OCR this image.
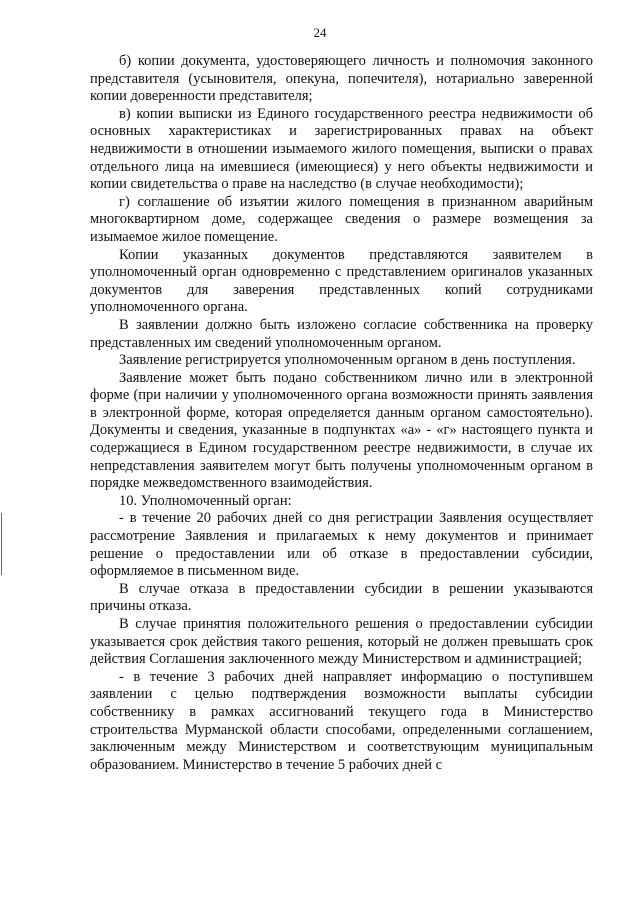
24

б) копии документа, удостоверяющего личность и полномочия законного представителя (усыновителя, опекуна, попечителя), нотариально заверенной копии доверенности представителя;

в) копии выписки из Единого государственного реестра недвижимости об основных характеристиках и зарегистрированных правах на объект недвижимости в отношении изымаемого жилого помещения, выписки о правах отдельного лица на имевшиеся (имеющиеся) у него объекты недвижимости и копии свидетельства о праве на наследство (в случае необходимости);

г) соглашение об изъятии жилого помещения в признанном аварийным многоквартирном доме, содержащее сведения о размере возмещения за изымаемое жилое помещение.

Копии указанных документов представляются заявителем в уполномоченный орган одновременно с представлением оригиналов указанных документов для заверения представленных копий сотрудниками уполномоченного органа.

В заявлении должно быть изложено согласие собственника на проверку представленных им сведений уполномоченным органом.

Заявление регистрируется уполномоченным органом в день поступления.

Заявление может быть подано собственником лично или в электронной форме (при наличии у уполномоченного органа возможности принять заявления в электронной форме, которая определяется данным органом самостоятельно). Документы и сведения, указанные в подпунктах «а» - «г» настоящего пункта и содержащиеся в Едином государственном реестре недвижимости, в случае их непредставления заявителем могут быть получены уполномоченным органом в порядке межведомственного взаимодействия.

10. Уполномоченный орган:

- в течение 20 рабочих дней со дня регистрации Заявления осуществляет рассмотрение Заявления и прилагаемых к нему документов и принимает решение о предоставлении или об отказе в предоставлении субсидии, оформляемое в письменном виде.

В случае отказа в предоставлении субсидии в решении указываются причины отказа.

В случае принятия положительного решения о предоставлении субсидии указывается срок действия такого решения, который не должен превышать срок действия Соглашения заключенного между Министерством и администрацией;

- в течение 3 рабочих дней направляет информацию о поступившем заявлении с целью подтверждения возможности выплаты субсидии собственнику в рамках ассигнований текущего года в Министерство строительства Мурманской области способами, определенными соглашением, заключенным между Министерством и соответствующим муниципальным образованием. Министерство в течение 5 рабочих дней с
